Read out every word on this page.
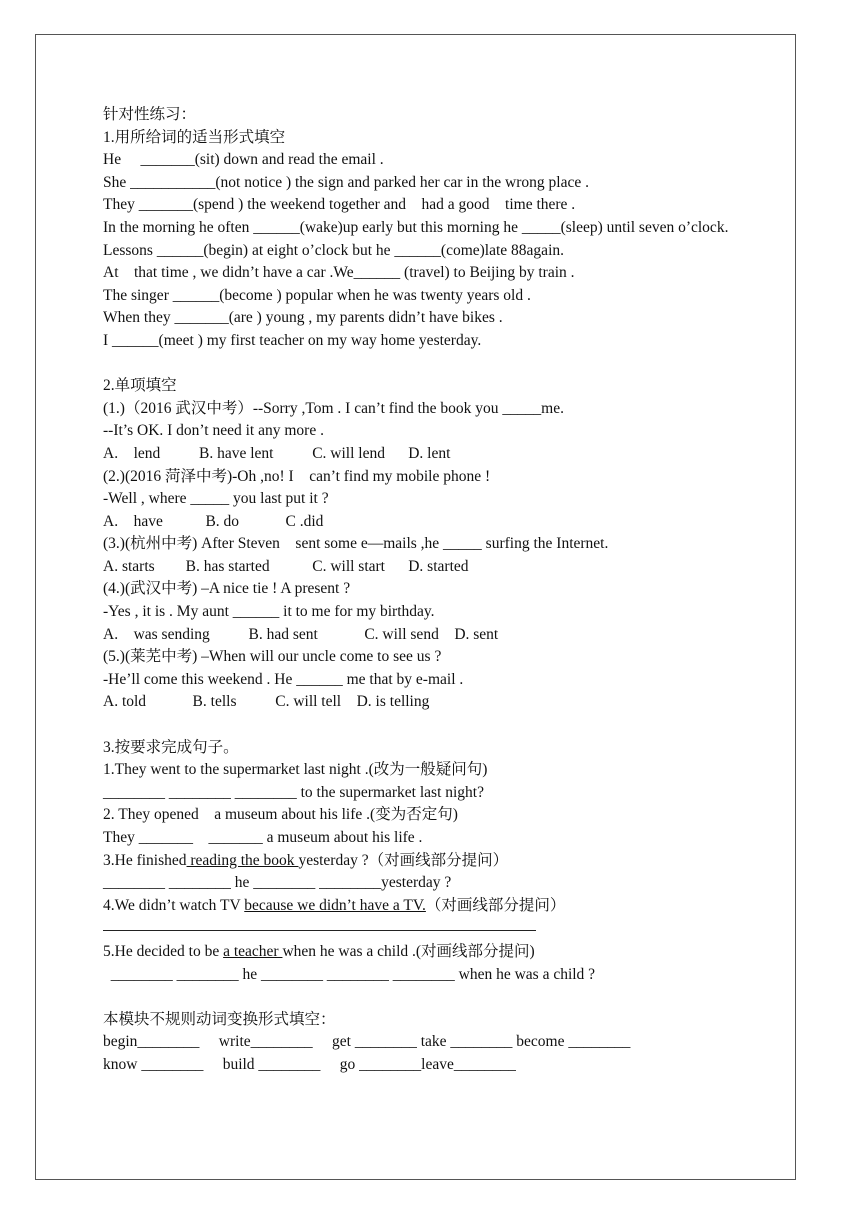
针对性练习：
1.用所给词的适当形式填空
He     _______(sit) down and read the email .
She ___________(not notice ) the sign and parked her car in the wrong place .
They _______(spend ) the weekend together and    had a good    time there .
In the morning he often ______(wake)up early but this morning he _____(sleep) until seven o’clock.
Lessons ______(begin) at eight o’clock but he ______(come)late 88again.
At    that time , we didn’t have a car .We______ (travel) to Beijing by train .
The singer ______(become ) popular when he was twenty years old .
When they _______(are ) young , my parents didn’t have bikes .
I ______(meet ) my first teacher on my way home yesterday.
2.单项填空
(1.)（2016 武汉中考）--Sorry ,Tom . I can’t find the book you _____me.
--It’s OK. I don’t need it any more .
A.    lend          B. have lent          C. will lend      D. lent
(2.)(2016 菏泽中考)-Oh ,no! I    can’t find my mobile phone !
-Well , where _____ you last put it ?
A.    have           B. do            C .did
(3.)(杭州中考) After Steven    sent some e—mails ,he _____ surfing the Internet.
A. starts        B. has started           C. will start      D. started
(4.)(武汉中考) –A nice tie ! A present ?
-Yes , it is . My aunt ______ it to me for my birthday.
A.    was sending          B. had sent            C. will send    D. sent
(5.)(莱芜中考) –When will our uncle come to see us ?
-He’ll come this weekend . He ______ me that by e-mail .
A. told            B. tells          C. will tell    D. is telling
3.按要求完成句子。
1.They went to the supermarket last night .(改为一般疑问句)
________ ________ ________ to the supermarket last night?
2. They opened    a museum about his life .(变为否定句)
They _______    _______ a museum about his life .
3.He finished reading the book yesterday ?（对画线部分提问）
________ ________ he ________ ________yesterday ?
4.We didn’t watch TV because we didn’t have a TV.（对画线部分提问）
5.He decided to be a teacher when he was a child .(对画线部分提问)
________ ________ he ________ ________ ________ when he was a child ?
本模块不规则动词变换形式填空：
begin________     write________     get ________ take ________ become ________
know ________     build ________     go ________leave________
